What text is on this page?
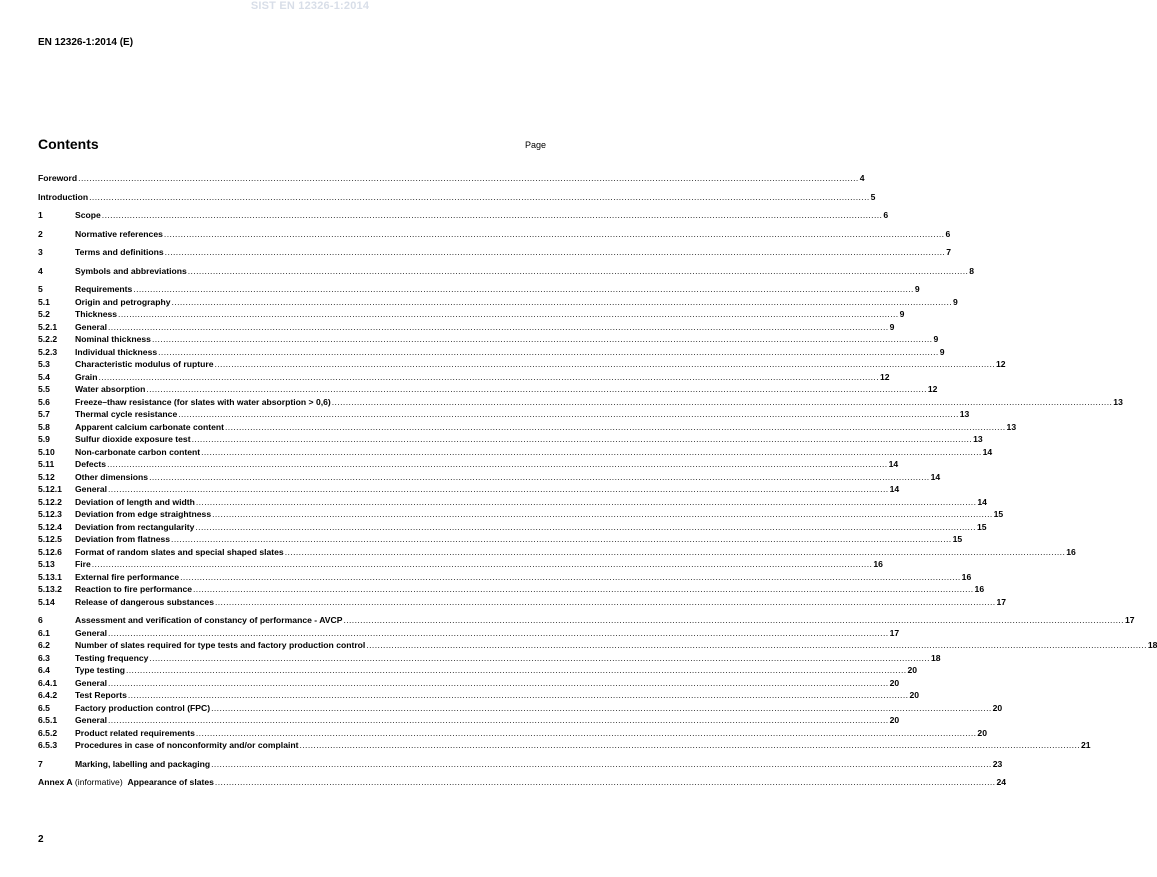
SIST EN 12326-1:2014
EN 12326-1:2014 (E)
Contents	Page
Foreword .....	4
Introduction .....	5
1	Scope .....	6
2	Normative references .....	6
3	Terms and definitions .....	7
4	Symbols and abbreviations .....	8
5	Requirements .....	9
5.1	Origin and petrography .....	9
5.2	Thickness .....	9
5.2.1	General .....	9
5.2.2	Nominal thickness .....	9
5.2.3	Individual thickness .....	9
5.3	Characteristic modulus of rupture .....	12
5.4	Grain .....	12
5.5	Water absorption .....	12
5.6	Freeze–thaw resistance (for slates with water absorption > 0,6) .....	13
5.7	Thermal cycle resistance .....	13
5.8	Apparent calcium carbonate content .....	13
5.9	Sulfur dioxide exposure test .....	13
5.10	Non-carbonate carbon content .....	14
5.11	Defects .....	14
5.12	Other dimensions .....	14
5.12.1	General .....	14
5.12.2	Deviation of length and width .....	14
5.12.3	Deviation from edge straightness .....	15
5.12.4	Deviation from rectangularity .....	15
5.12.5	Deviation from flatness .....	15
5.12.6	Format of random slates and special shaped slates .....	16
5.13	Fire .....	16
5.13.1	External fire performance .....	16
5.13.2	Reaction to fire performance .....	16
5.14	Release of dangerous substances .....	17
6	Assessment and verification of constancy of performance - AVCP .....	17
6.1	General .....	17
6.2	Number of slates required for type tests and factory production control .....	18
6.3	Testing frequency .....	18
6.4	Type testing .....	20
6.4.1	General .....	20
6.4.2	Test Reports .....	20
6.5	Factory production control (FPC) .....	20
6.5.1	General .....	20
6.5.2	Product related requirements .....	20
6.5.3	Procedures in case of nonconformity and/or complaint .....	21
7	Marking, labelling and packaging .....	23
Annex A (informative)  Appearance of slates .....	24
2
